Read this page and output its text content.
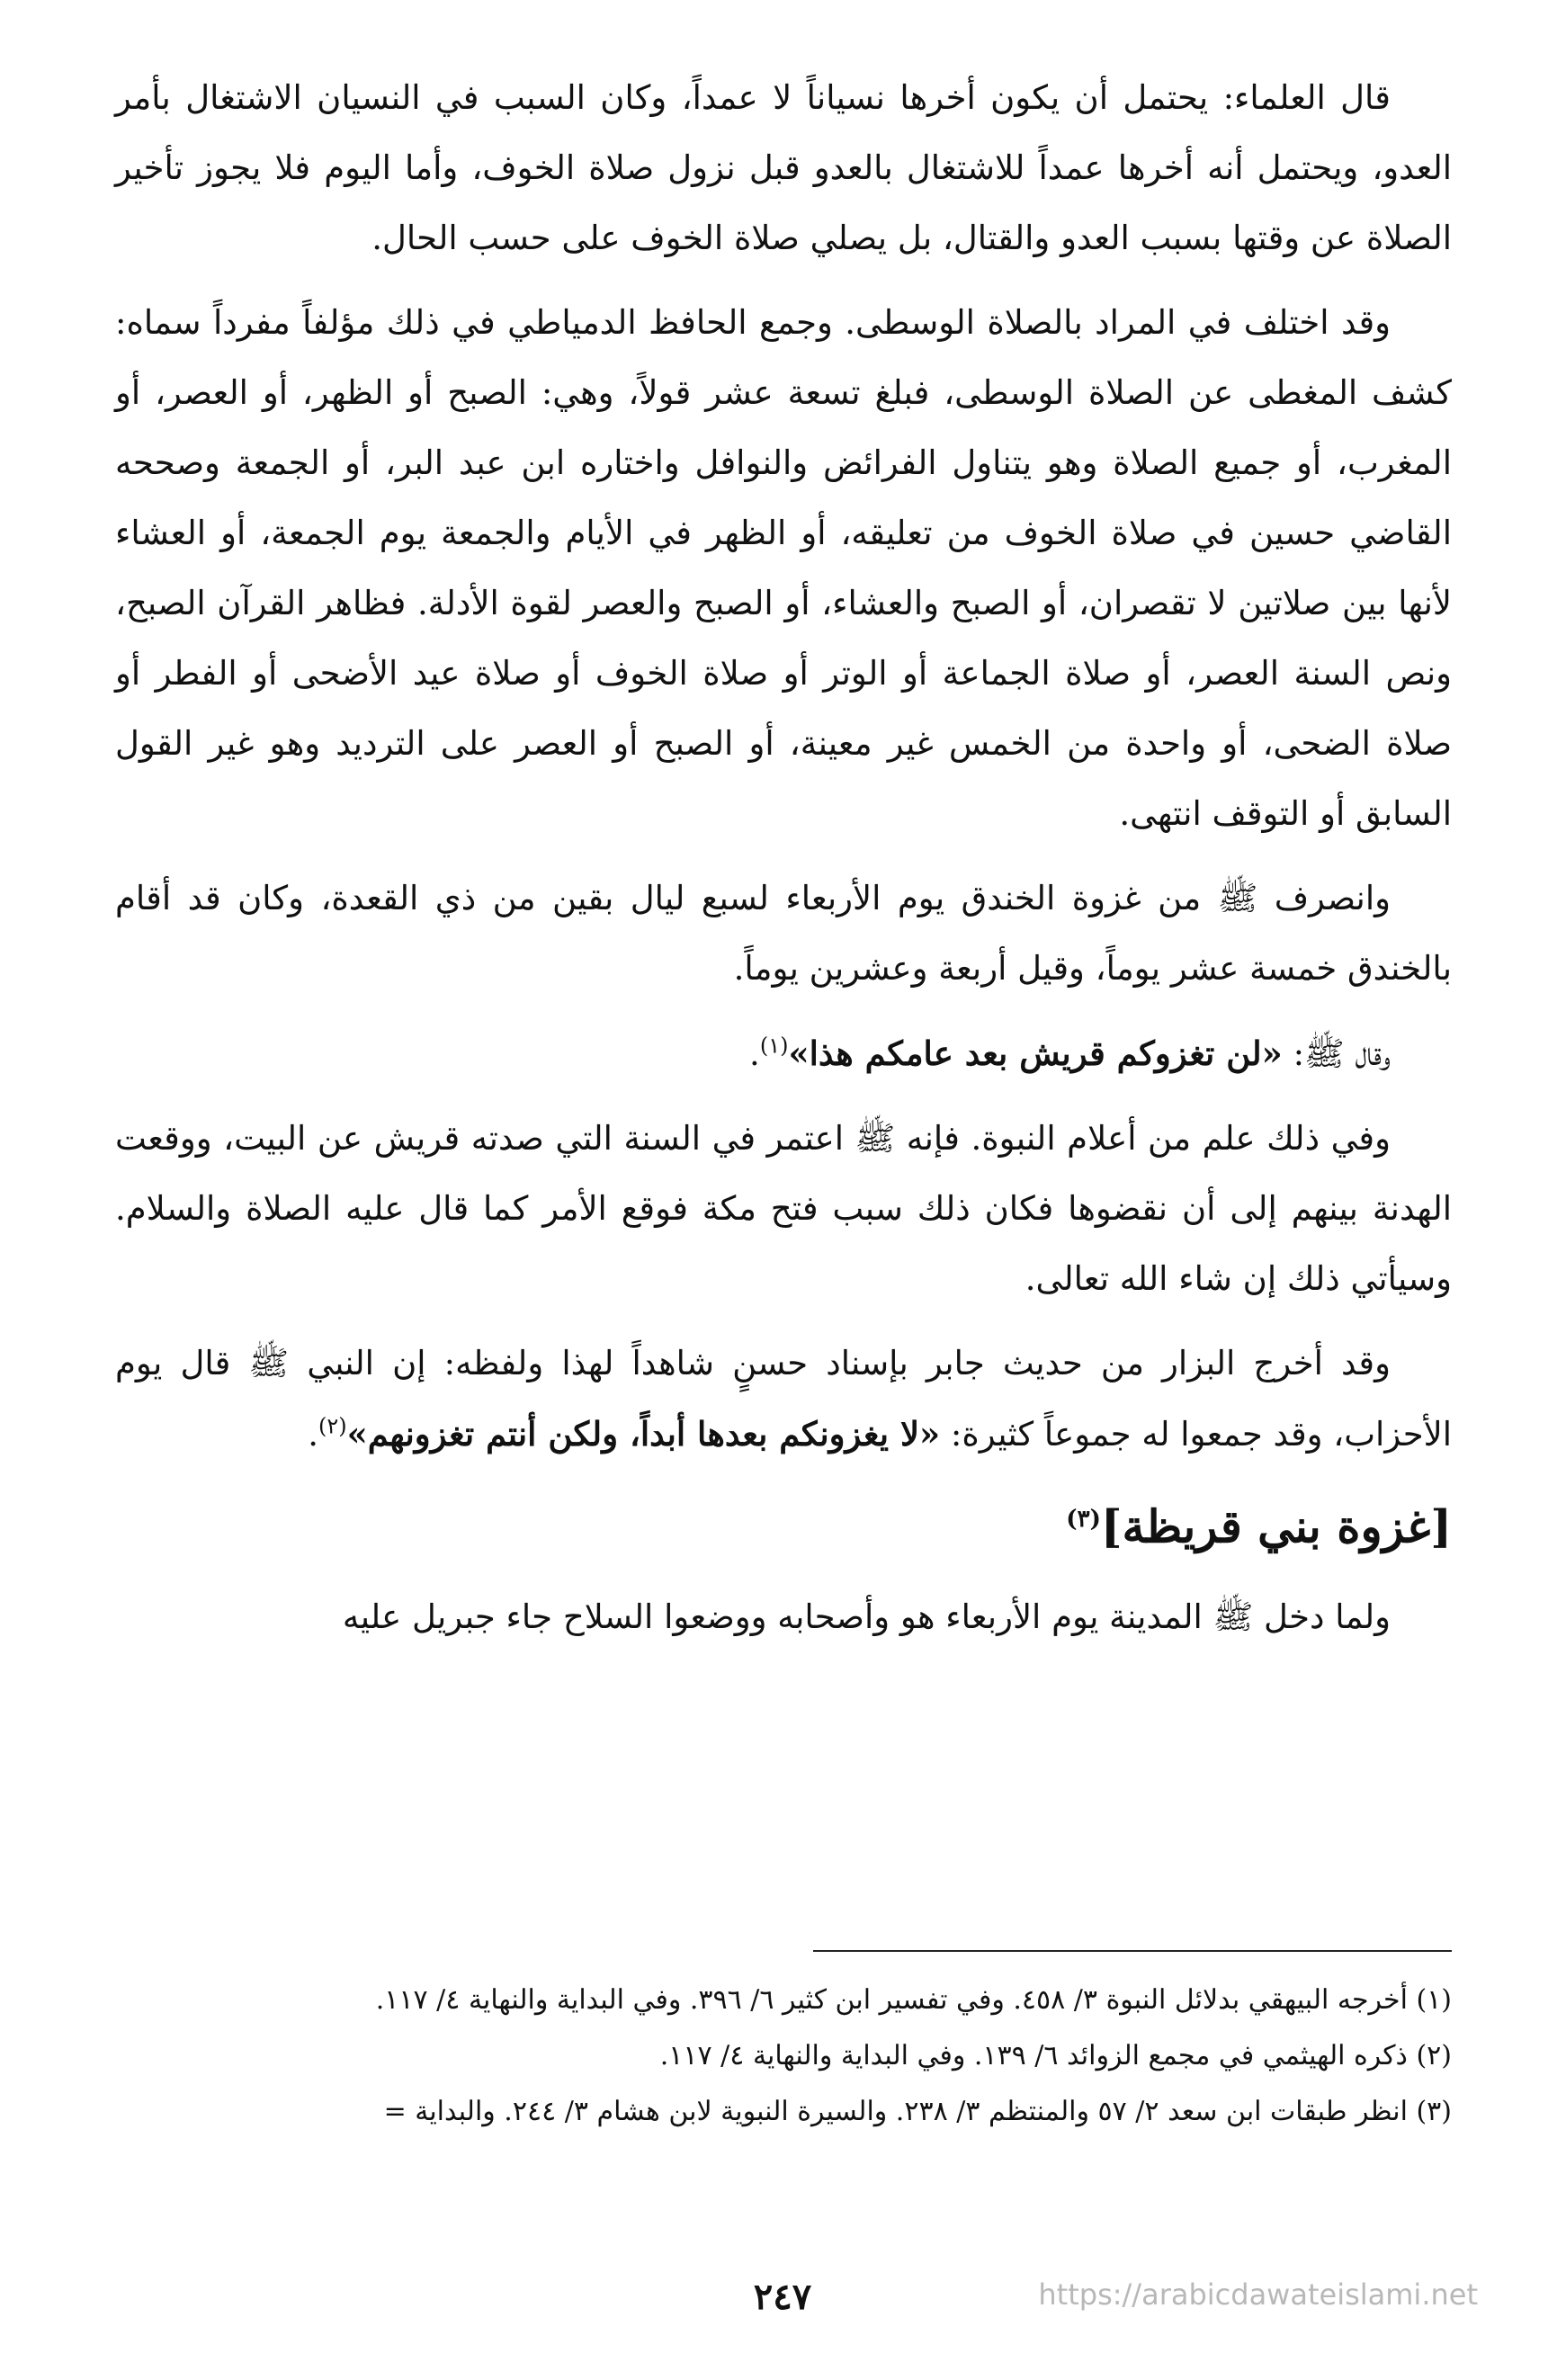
قال العلماء: يحتمل أن يكون أخرها نسياناً لا عمداً، وكان السبب في النسيان الاشتغال بأمر العدو، ويحتمل أنه أخرها عمداً للاشتغال بالعدو قبل نزول صلاة الخوف، وأما اليوم فلا يجوز تأخير الصلاة عن وقتها بسبب العدو والقتال، بل يصلي صلاة الخوف على حسب الحال.

وقد اختلف في المراد بالصلاة الوسطى. وجمع الحافظ الدمياطي في ذلك مؤلفاً مفرداً سماه: كشف المغطى عن الصلاة الوسطى، فبلغ تسعة عشر قولاً، وهي: الصبح أو الظهر، أو العصر، أو المغرب، أو جميع الصلاة وهو يتناول الفرائض والنوافل واختاره ابن عبد البر، أو الجمعة وصححه القاضي حسين في صلاة الخوف من تعليقه، أو الظهر في الأيام والجمعة يوم الجمعة، أو العشاء لأنها بين صلاتين لا تقصران، أو الصبح والعشاء، أو الصبح والعصر لقوة الأدلة. فظاهر القرآن الصبح، ونص السنة العصر، أو صلاة الجماعة أو الوتر أو صلاة الخوف أو صلاة عيد الأضحى أو الفطر أو صلاة الضحى، أو واحدة من الخمس غير معينة، أو الصبح أو العصر على الترديد وهو غير القول السابق أو التوقف انتهى.

وانصرف ﷺ من غزوة الخندق يوم الأربعاء لسبع ليال بقين من ذي القعدة، وكان قد أقام بالخندق خمسة عشر يوماً، وقيل أربعة وعشرين يوماً.

وقال ﷺ: «لن تغزوكم قريش بعد عامكم هذا»$^{(١)}$.

وفي ذلك علم من أعلام النبوة. فإنه ﷺ اعتمر في السنة التي صدته قريش عن البيت، ووقعت الهدنة بينهم إلى أن نقضوها فكان ذلك سبب فتح مكة فوقع الأمر كما قال عليه الصلاة والسلام. وسيأتي ذلك إن شاء الله تعالى.

وقد أخرج البزار من حديث جابر بإسناد حسنٍ شاهداً لهذا ولفظه: إن النبي ﷺ قال يوم الأحزاب، وقد جمعوا له جموعاً كثيرة: «لا يغزونكم بعدها أبداً، ولكن أنتم تغزونهم»$^{(٢)}$.

[غزوة بني قريظة]$^{(٣)}$

ولما دخل ﷺ المدينة يوم الأربعاء هو وأصحابه ووضعوا السلاح جاء جبريل عليه

(١) أخرجه البيهقي بدلائل النبوة ٣/ ٤٥٨. وفي تفسير ابن كثير ٦/ ٣٩٦. وفي البداية والنهاية ٤/ ١١٧.
(٢) ذكره الهيثمي في مجمع الزوائد ٦/ ١٣٩. وفي البداية والنهاية ٤/ ١١٧.
(٣) انظر طبقات ابن سعد ٢/ ٥٧ والمنتظم ٣/ ٢٣٨. والسيرة النبوية لابن هشام ٣/ ٢٤٤. والبداية =
٢٤٧	https://arabicdawateislami.net
